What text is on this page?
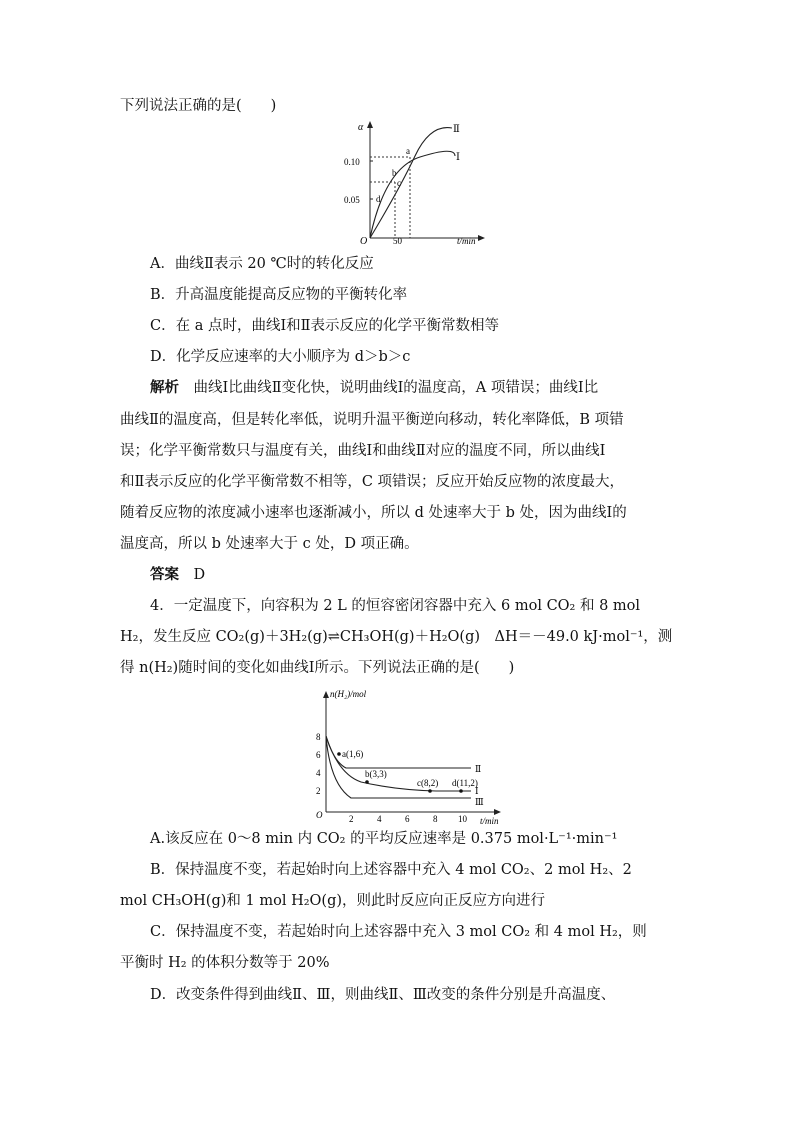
下列说法正确的是(　　)
α
O	t/min
0.10
0.05
50
Ⅱ
Ⅰ
a
b
c
d
A．曲线Ⅱ表示 20 ℃时的转化反应
B．升高温度能提高反应物的平衡转化率
C．在 a 点时，曲线Ⅰ和Ⅱ表示反应的化学平衡常数相等
D．化学反应速率的大小顺序为 d＞b＞c
解析　 曲线Ⅰ比曲线Ⅱ变化快，说明曲线Ⅰ的温度高，A 项错误；曲线Ⅰ比
曲线Ⅱ的温度高，但是转化率低，说明升温平衡逆向移动，转化率降低，B 项错
误；化学平衡常数只与温度有关，曲线Ⅰ和曲线Ⅱ对应的温度不同，所以曲线Ⅰ
和Ⅱ表示反应的化学平衡常数不相等，C 项错误；反应开始反应物的浓度最大，
随着反应物的浓度减小速率也逐渐减小，所以 d 处速率大于 b 处，因为曲线Ⅰ的
温度高，所以 b 处速率大于 c 处，D 项正确。
答案　 D
4．一定温度下，向容积为 2 L 的恒容密闭容器中充入 6 mol CO₂ 和 8 mol
H₂，发生反应 CO₂(g)＋3H₂(g)⇌CH₃OH(g)＋H₂O(g)　ΔH＝－49.0 kJ·mol⁻¹，测
得 n(H₂)随时间的变化如曲线Ⅰ所示。下列说法正确的是(　　)
n(H₂)/mol
O
t/min
8
6
4
2
2	4	6	8 10
a(1,6)
b(3,3)
c(8,2) d(11,2)
Ⅱ
Ⅰ
Ⅲ
A.该反应在 0～8 min 内 CO₂ 的平均反应速率是 0.375 mol·L⁻¹·min⁻¹
B．保持温度不变，若起始时向上述容器中充入 4 mol CO₂、2 mol H₂、2
mol CH₃OH(g)和 1 mol H₂O(g)，则此时反应向正反应方向进行
C．保持温度不变，若起始时向上述容器中充入 3 mol CO₂ 和 4 mol H₂，则
平衡时 H₂ 的体积分数等于 20%
D．改变条件得到曲线Ⅱ、Ⅲ，则曲线Ⅱ、Ⅲ改变的条件分别是升高温度、
